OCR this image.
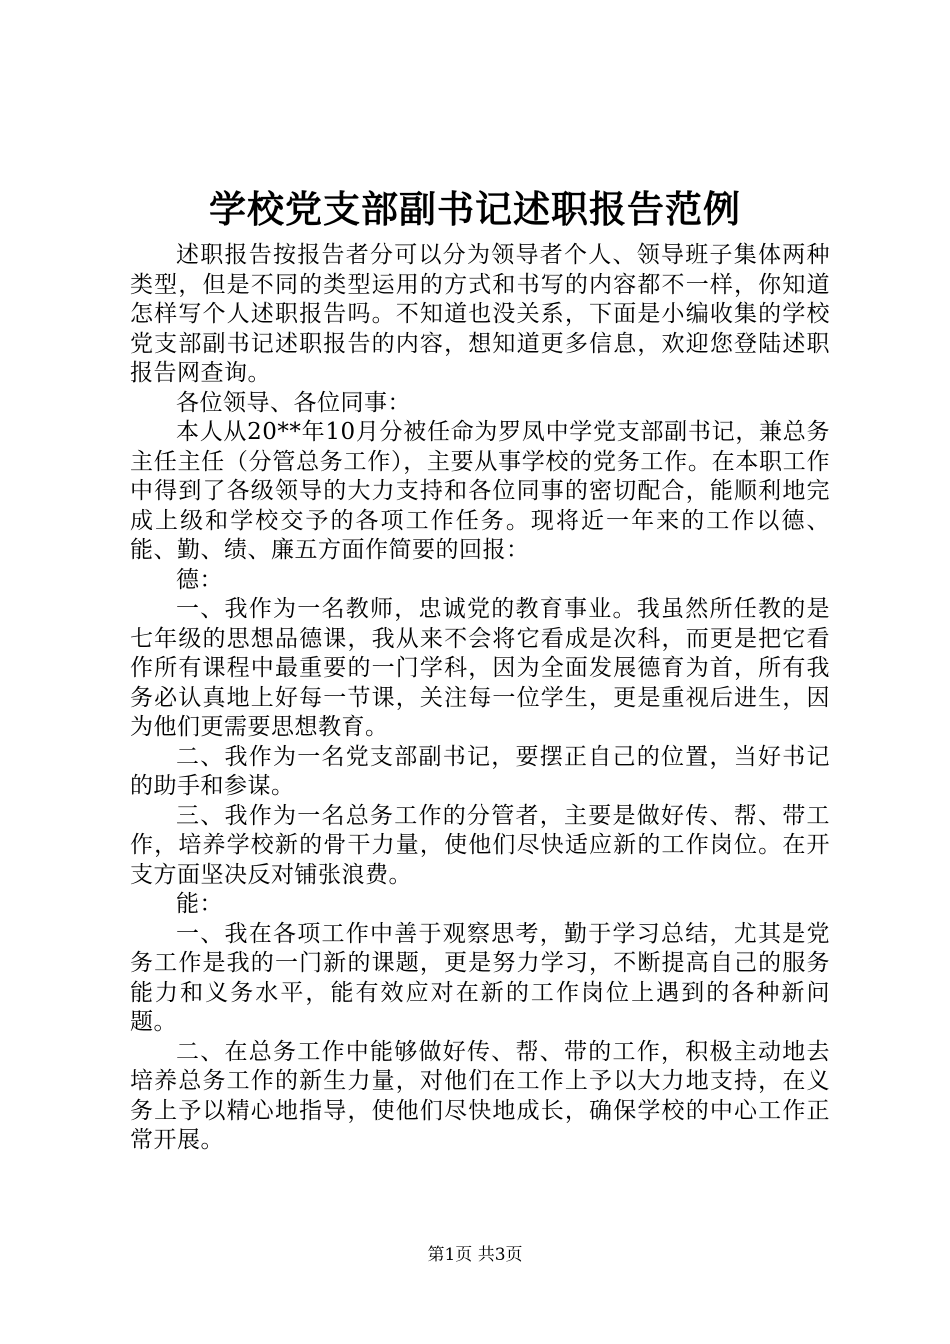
学校党支部副书记述职报告范例

述职报告按报告者分可以分为领导者个人、领导班子集体两种类型，但是不同的类型运用的方式和书写的内容都不一样，你知道怎样写个人述职报告吗。不知道也没关系，下面是小编收集的学校党支部副书记述职报告的内容，想知道更多信息，欢迎您登陆述职报告网查询。

各位领导、各位同事：

本人从20**年10月分被任命为罗凤中学党支部副书记，兼总务主任主任（分管总务工作），主要从事学校的党务工作。在本职工作中得到了各级领导的大力支持和各位同事的密切配合，能顺利地完成上级和学校交予的各项工作任务。现将近一年来的工作以德、能、勤、绩、廉五方面作简要的回报：

德：

一、我作为一名教师，忠诚党的教育事业。我虽然所任教的是七年级的思想品德课，我从来不会将它看成是次科，而更是把它看作所有课程中最重要的一门学科，因为全面发展德育为首，所有我务必认真地上好每一节课，关注每一位学生，更是重视后进生，因为他们更需要思想教育。

二、我作为一名党支部副书记，要摆正自己的位置，当好书记的助手和参谋。

三、我作为一名总务工作的分管者，主要是做好传、帮、带工作，培养学校新的骨干力量，使他们尽快适应新的工作岗位。在开支方面坚决反对铺张浪费。

能：

一、我在各项工作中善于观察思考，勤于学习总结，尤其是党务工作是我的一门新的课题，更是努力学习，不断提高自己的服务能力和义务水平，能有效应对在新的工作岗位上遇到的各种新问题。

二、在总务工作中能够做好传、帮、带的工作，积极主动地去培养总务工作的新生力量，对他们在工作上予以大力地支持，在义务上予以精心地指导，使他们尽快地成长，确保学校的中心工作正常开展。

第1页 共3页
